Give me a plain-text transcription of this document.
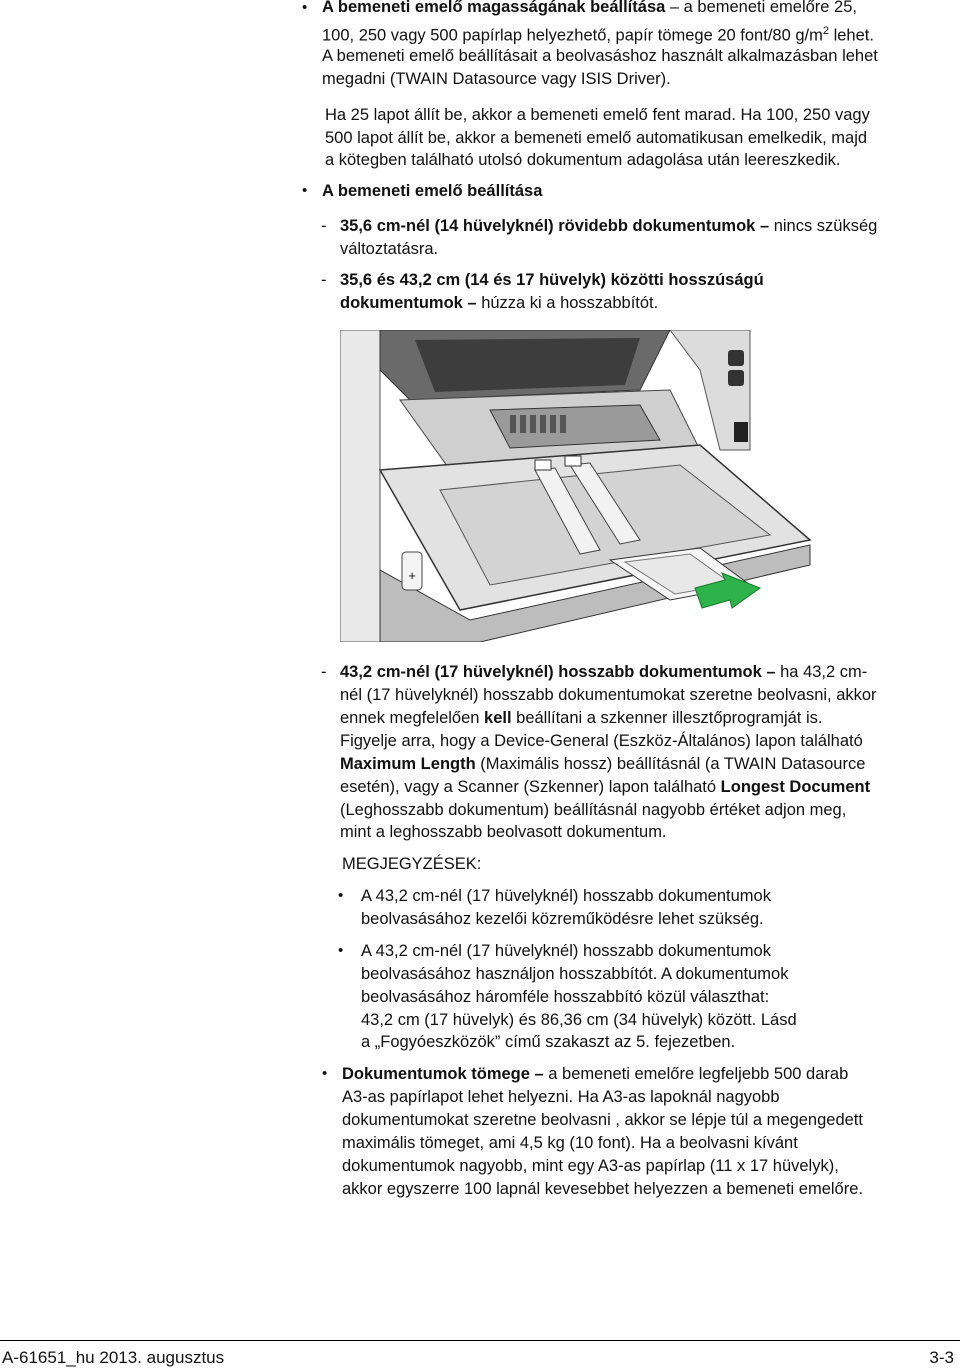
• A bemeneti emelő magasságának beállítása – a bemeneti emelőre 25,
100, 250 vagy 500 papírlap helyezhető, papír tömege 20 font/80 $g/m^2$ lehet.
A bemeneti emelő beállításait a beolvasáshoz használt alkalmazásban lehet
megadni (TWAIN Datasource vagy ISIS Driver).
Ha 25 lapot állít be, akkor a bemeneti emelő fent marad. Ha 100, 250 vagy
500 lapot állít be, akkor a bemeneti emelő automatikusan emelkedik, majd
a kötegben található utolsó dokumentum adagolása után leereszkedik.
• A bemeneti emelő beállítása
- 35,6 cm-nél (14 hüvelyknél) rövidebb dokumentumok – nincs szükség
változtatásra.
- 35,6 és 43,2 cm (14 és 17 hüvelyk) közötti hosszúságú
dokumentumok – húzza ki a hosszabbítót.
+
- 43,2 cm-nél (17 hüvelyknél) hosszabb dokumentumok – ha 43,2 cm-
nél (17 hüvelyknél) hosszabb dokumentumokat szeretne beolvasni, akkor
ennek megfelelően kell beállítani a szkenner illesztőprogramját is.
Figyelje arra, hogy a Device-General (Eszköz-Általános) lapon található
Maximum Length (Maximális hossz) beállításnál (a TWAIN Datasource
esetén), vagy a Scanner (Szkenner) lapon található Longest Document
(Leghosszabb dokumentum) beállításnál nagyobb értéket adjon meg,
mint a leghosszabb beolvasott dokumentum.
MEGJEGYZÉSEK:
• A 43,2 cm-nél (17 hüvelyknél) hosszabb dokumentumok
beolvasásához kezelői közreműködésre lehet szükség.
• A 43,2 cm-nél (17 hüvelyknél) hosszabb dokumentumok
beolvasásához használjon hosszabbítót. A dokumentumok
beolvasásához háromféle hosszabbító közül választhat:
43,2 cm (17 hüvelyk) és 86,36 cm (34 hüvelyk) között. Lásd
a „Fogyóeszközök” című szakaszt az 5. fejezetben.
• Dokumentumok tömege – a bemeneti emelőre legfeljebb 500 darab
A3-as papírlapot lehet helyezni. Ha A3-as lapoknál nagyobb
dokumentumokat szeretne beolvasni , akkor se lépje túl a megengedett
maximális tömeget, ami 4,5 kg (10 font). Ha a beolvasni kívánt
dokumentumok nagyobb, mint egy A3-as papírlap (11 x 17 hüvelyk),
akkor egyszerre 100 lapnál kevesebbet helyezzen a bemeneti emelőre.
A-61651_hu 2013. augusztus	3-3
